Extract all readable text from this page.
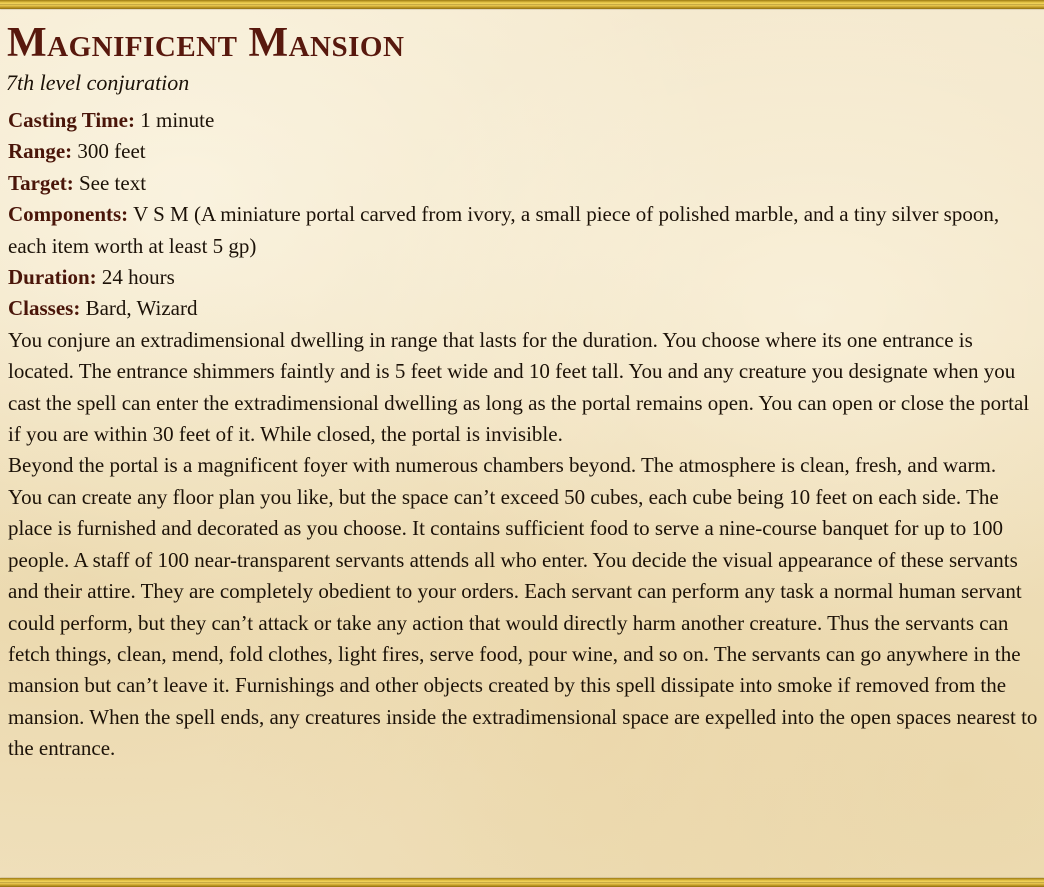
Magnificent Mansion
7th level conjuration
Casting Time: 1 minute
Range: 300 feet
Target: See text
Components: V S M (A miniature portal carved from ivory, a small piece of polished marble, and a tiny silver spoon, each item worth at least 5 gp)
Duration: 24 hours
Classes: Bard, Wizard

You conjure an extradimensional dwelling in range that lasts for the duration. You choose where its one entrance is located. The entrance shimmers faintly and is 5 feet wide and 10 feet tall. You and any creature you designate when you cast the spell can enter the extradimensional dwelling as long as the portal remains open. You can open or close the portal if you are within 30 feet of it. While closed, the portal is invisible.

Beyond the portal is a magnificent foyer with numerous chambers beyond. The atmosphere is clean, fresh, and warm.

You can create any floor plan you like, but the space can’t exceed 50 cubes, each cube being 10 feet on each side. The place is furnished and decorated as you choose. It contains sufficient food to serve a nine-course banquet for up to 100 people. A staff of 100 near-transparent servants attends all who enter. You decide the visual appearance of these servants and their attire. They are completely obedient to your orders. Each servant can perform any task a normal human servant could perform, but they can’t attack or take any action that would directly harm another creature. Thus the servants can fetch things, clean, mend, fold clothes, light fires, serve food, pour wine, and so on. The servants can go anywhere in the mansion but can’t leave it. Furnishings and other objects created by this spell dissipate into smoke if removed from the mansion. When the spell ends, any creatures inside the extradimensional space are expelled into the open spaces nearest to the entrance.
